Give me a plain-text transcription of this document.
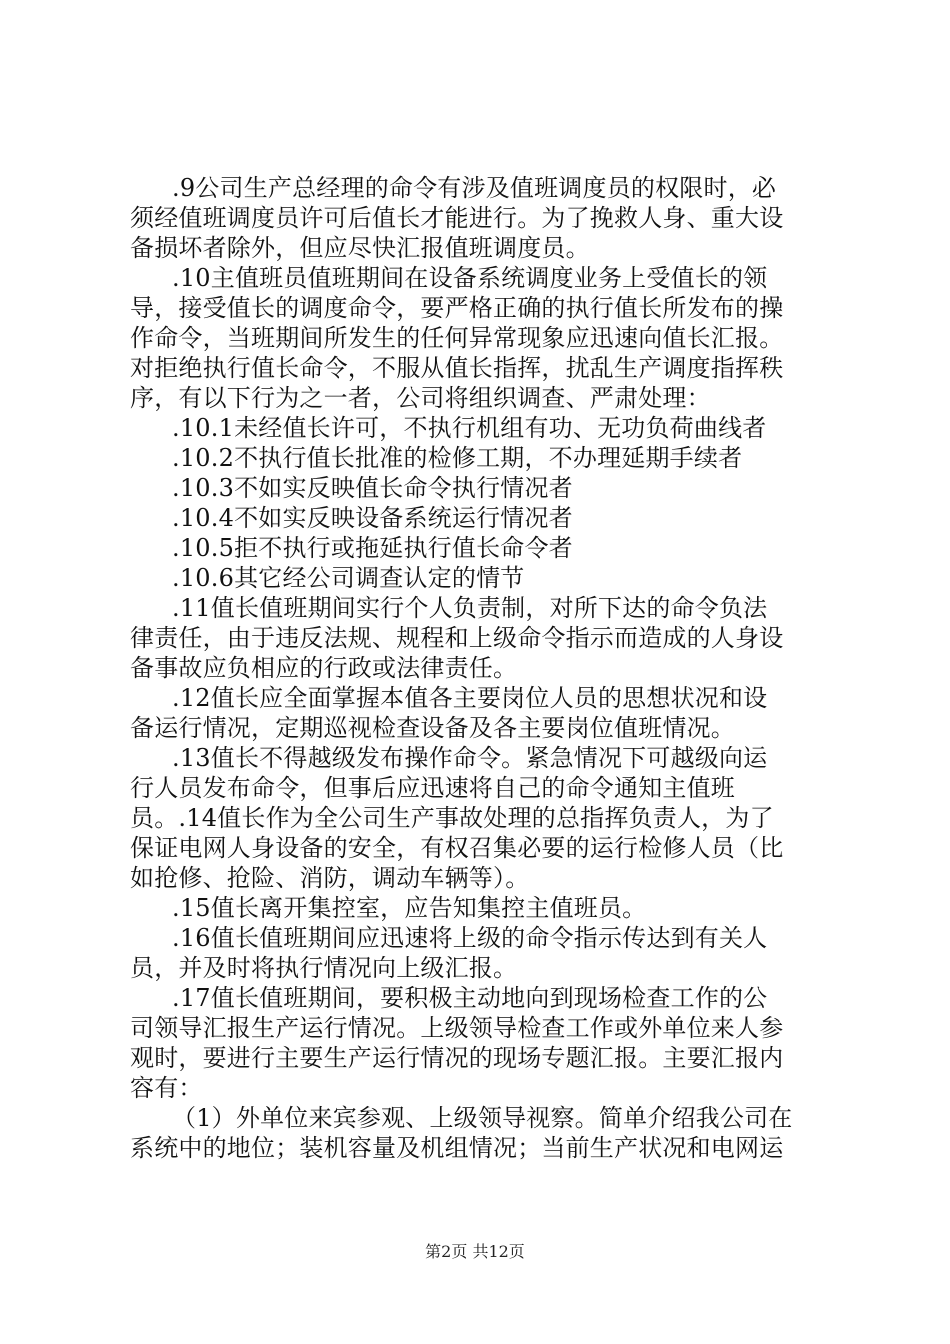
.9公司生产总经理的命令有涉及值班调度员的权限时，必
须经值班调度员许可后值长才能进行。为了挽救人身、重大设
备损坏者除外，但应尽快汇报值班调度员。
.10主值班员值班期间在设备系统调度业务上受值长的领
导，接受值长的调度命令，要严格正确的执行值长所发布的操
作命令，当班期间所发生的任何异常现象应迅速向值长汇报。
对拒绝执行值长命令，不服从值长指挥，扰乱生产调度指挥秩
序，有以下行为之一者，公司将组织调查、严肃处理：
.10.1未经值长许可，不执行机组有功、无功负荷曲线者
.10.2不执行值长批准的检修工期，不办理延期手续者
.10.3不如实反映值长命令执行情况者
.10.4不如实反映设备系统运行情况者
.10.5拒不执行或拖延执行值长命令者
.10.6其它经公司调查认定的情节
.11值长值班期间实行个人负责制，对所下达的命令负法
律责任，由于违反法规、规程和上级命令指示而造成的人身设
备事故应负相应的行政或法律责任。
.12值长应全面掌握本值各主要岗位人员的思想状况和设
备运行情况，定期巡视检查设备及各主要岗位值班情况。
.13值长不得越级发布操作命令。紧急情况下可越级向运
行人员发布命令，但事后应迅速将自己的命令通知主值班
员。.14值长作为全公司生产事故处理的总指挥负责人，为了
保证电网人身设备的安全，有权召集必要的运行检修人员（比
如抢修、抢险、消防，调动车辆等）。
.15值长离开集控室，应告知集控主值班员。
.16值长值班期间应迅速将上级的命令指示传达到有关人
员，并及时将执行情况向上级汇报。
.17值长值班期间，要积极主动地向到现场检查工作的公
司领导汇报生产运行情况。上级领导检查工作或外单位来人参
观时，要进行主要生产运行情况的现场专题汇报。主要汇报内
容有：
（1）外单位来宾参观、上级领导视察。简单介绍我公司在
系统中的地位；装机容量及机组情况；当前生产状况和电网运
第2页 共12页
